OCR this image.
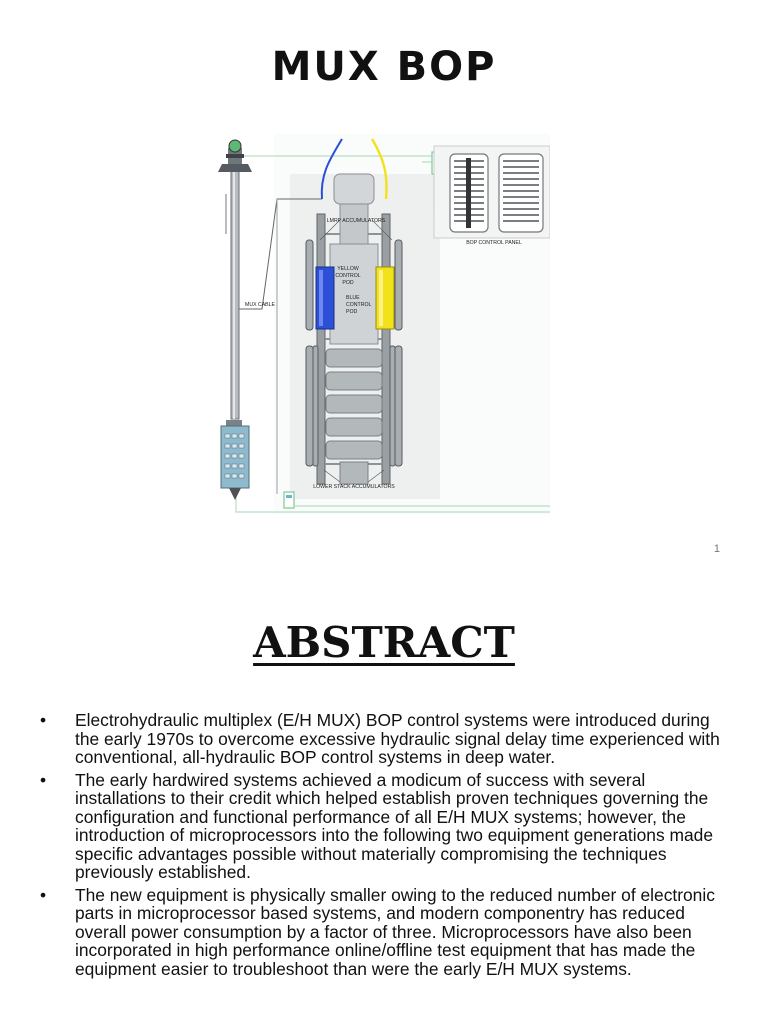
MUX BOP
LMRP ACCUMULATORS
YELLOW
CONTROL
POD
BLUE
CONTROL
POD
MUX CABLE
BOP CONTROL PANEL
LOWER STACK ACCUMULATORS
1
ABSTRACT
• Electrohydraulic multiplex (E/H MUX) BOP control systems were introduced during the early 1970s to overcome excessive hydraulic signal delay time experienced with conventional, all-hydraulic BOP control systems in deep water.
• The early hardwired systems achieved a modicum of success with several installations to their credit which helped establish proven techniques governing the configuration and functional performance of all E/H MUX systems; however, the introduction of microprocessors into the following two equipment generations made specific advantages possible without materially compromising the techniques previously established.
• The new equipment is physically smaller owing to the reduced number of electronic parts in microprocessor based systems, and modern componentry has reduced overall power consumption by a factor of three. Microprocessors have also been incorporated in high performance online/offline test equipment that has made the equipment easier to troubleshoot than were the early E/H MUX systems.
